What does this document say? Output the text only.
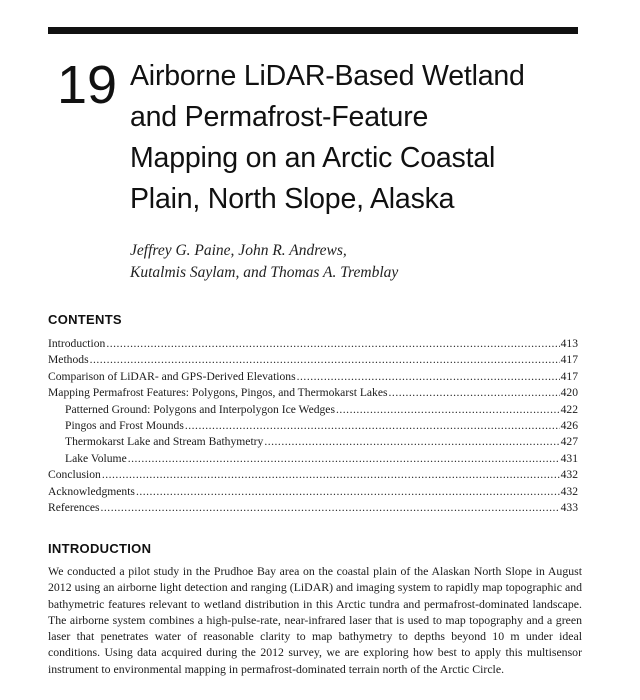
19 Airborne LiDAR-Based Wetland
and Permafrost-Feature
Mapping on an Arctic Coastal
Plain, North Slope, Alaska
Jeffrey G. Paine, John R. Andrews,
Kutalmis Saylam, and Thomas A. Tremblay
CONTENTS
Introduction .....	413
Methods .....	417
Comparison of LiDAR- and GPS-Derived Elevations .....	417
Mapping Permafrost Features: Polygons, Pingos, and Thermokarst Lakes .....	420
Patterned Ground: Polygons and Interpolygon Ice Wedges .....	422
Pingos and Frost Mounds .....	426
Thermokarst Lake and Stream Bathymetry .....	427
Lake Volume .....	431
Conclusion .....	432
Acknowledgments .....	432
References .....	433
INTRODUCTION
We conducted a pilot study in the Prudhoe Bay area on the coastal plain of the Alaskan North Slope in August 2012 using an airborne light detection and ranging (LiDAR) and imaging system to rapidly map topographic and bathymetric features relevant to wetland distribution in this Arctic tundra and permafrost-dominated landscape. The airborne system combines a high-pulse-rate, near-infrared laser that is used to map topography and a green laser that penetrates water of reasonable clarity to map bathymetry to depths beyond 10 m under ideal conditions. Using data acquired during the 2012 survey, we are exploring how best to apply this multisensor instrument to environmental mapping in permafrost-dominated terrain north of the Arctic Circle.
